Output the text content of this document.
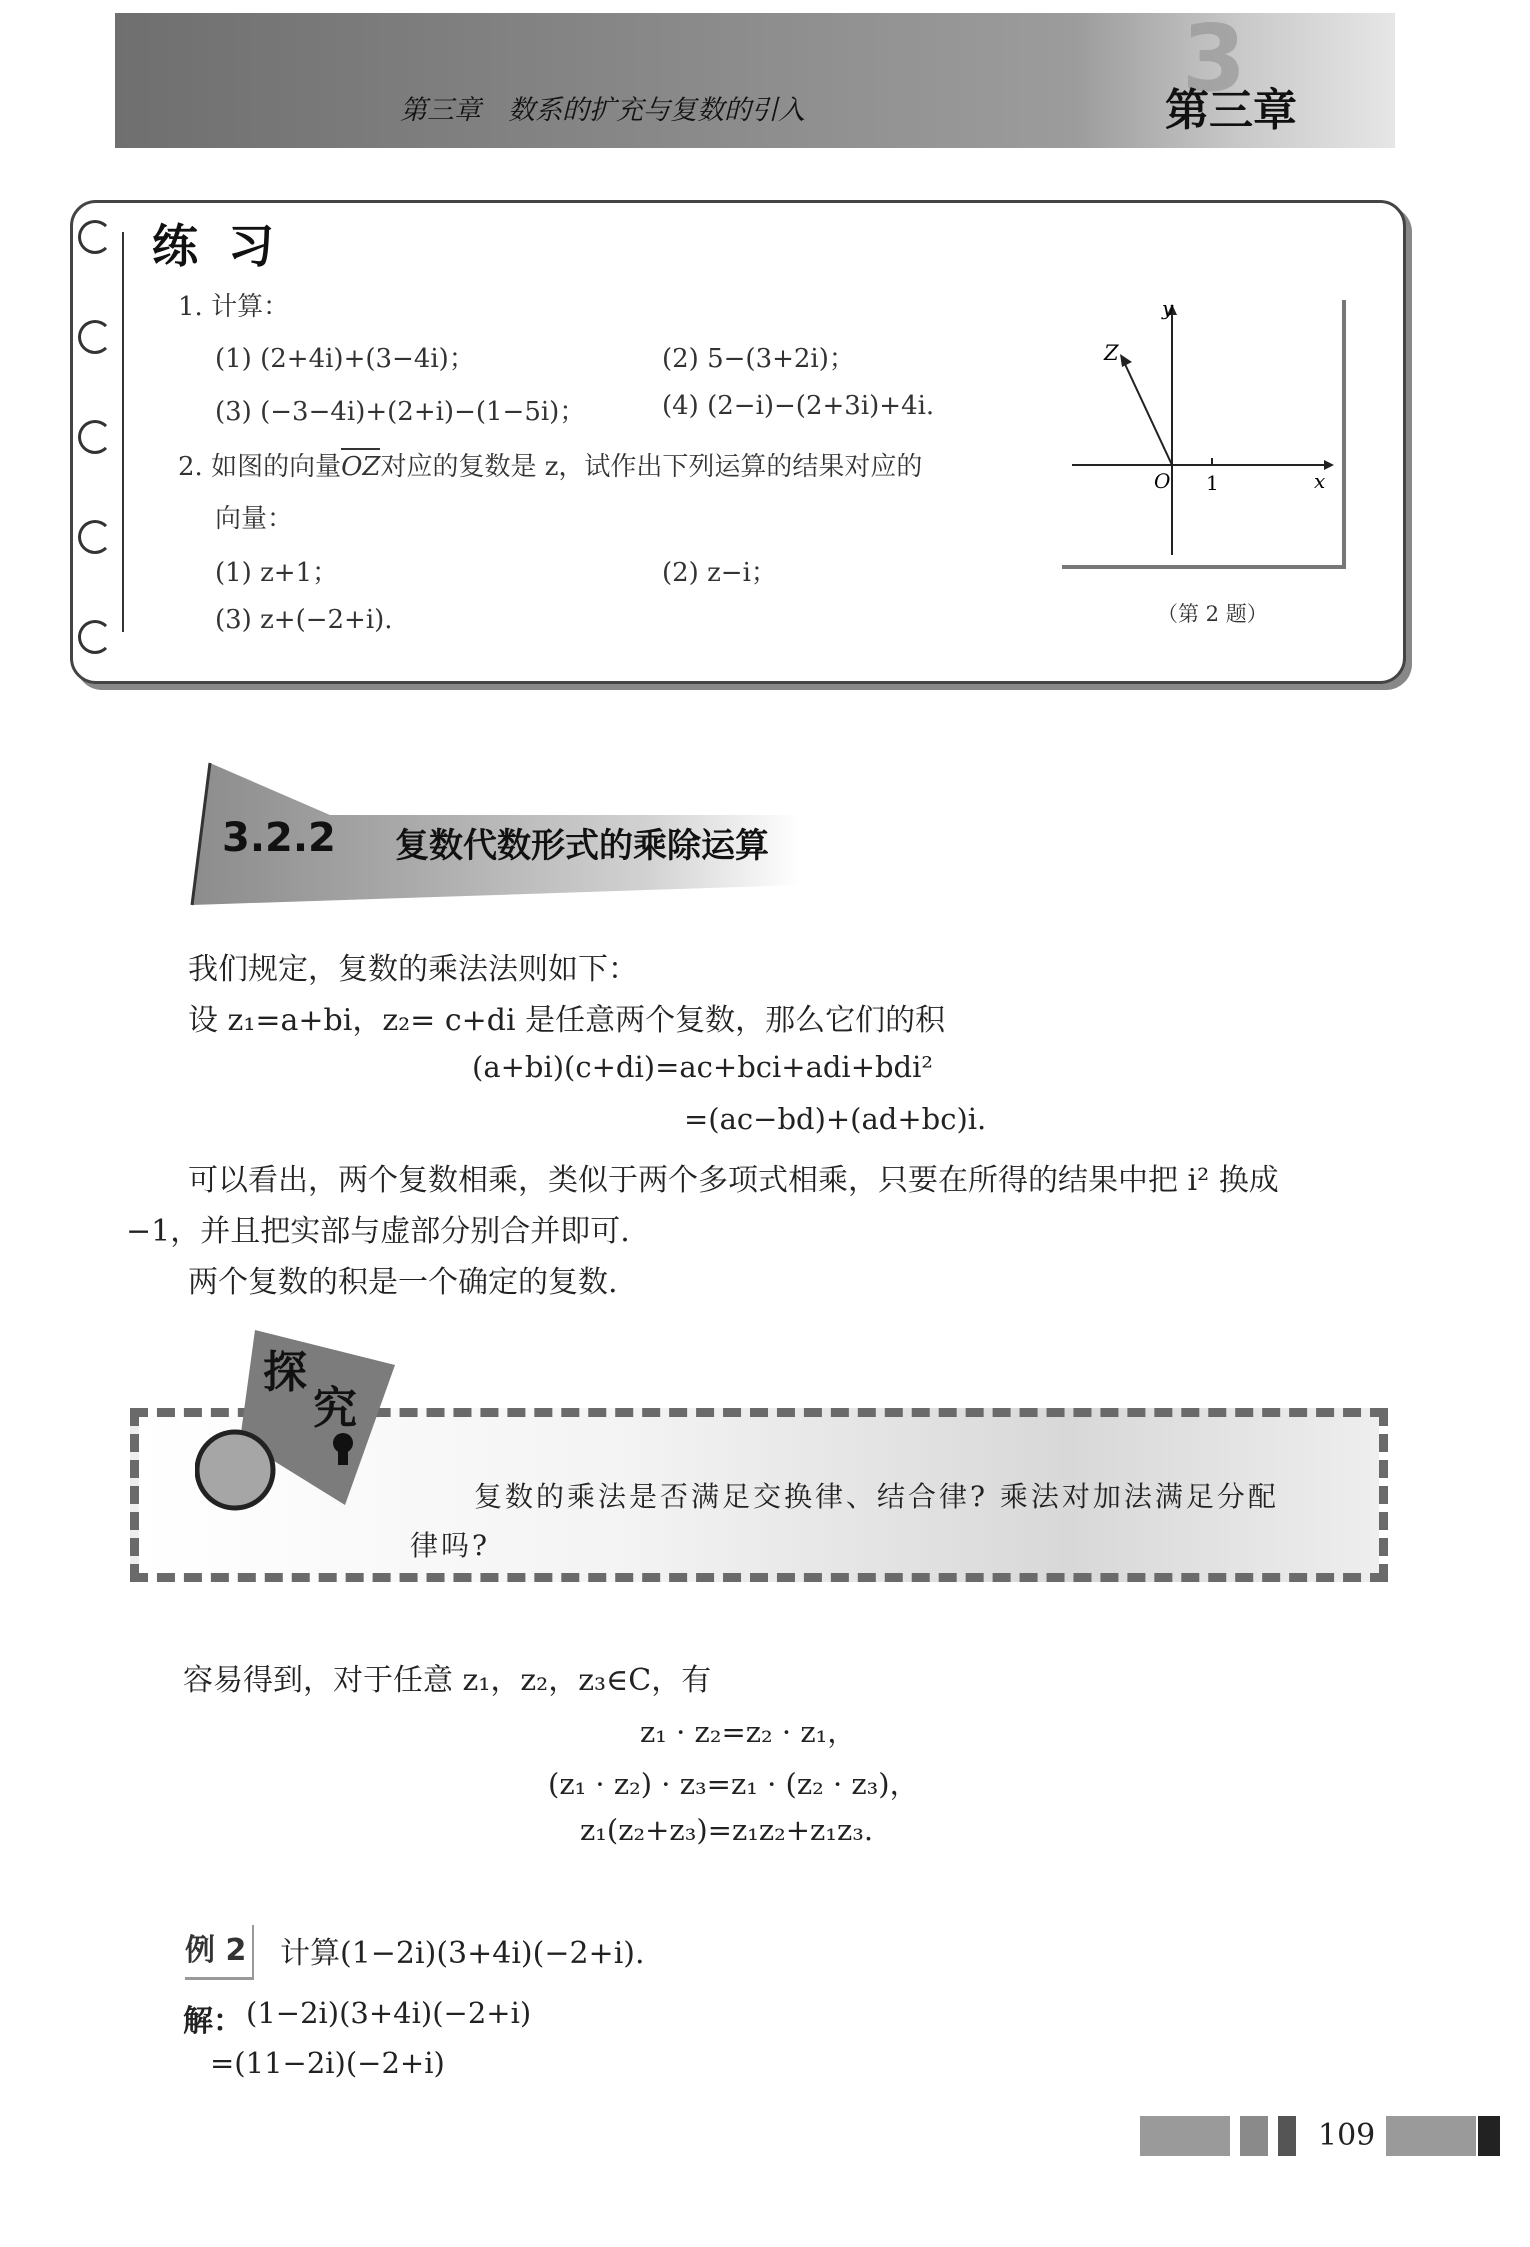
第三章　数系的扩充与复数的引入	3
第三章
练习
1. 计算：
(1) (2+4i)+(3−4i)；	(2) 5−(3+2i)；
(3) (−3−4i)+(2+i)−(1−5i)；	(4) (2−i)−(2+3i)+4i.
2. 如图的向量
OZ对应的复数是 z，试作出下列运算的结果对应的
向量：
(1) z+1；	(2) z−i；
(3) z+(−2+i).
y
x
Z
O 1
（第 2 题）
3.2.2 复数代数形式的乘除运算
我们规定，复数的乘法法则如下：
设 z₁=a+bi，z₂= c+di 是任意两个复数，那么它们的积
(a+bi)(c+di)=ac+bci+adi+bdi²
=(ac−bd)+(ad+bc)i.
可以看出，两个复数相乘，类似于两个多项式相乘，只要在所得的结果中把 i² 换成
−1，并且把实部与虚部分别合并即可.
两个复数的积是一个确定的复数.
探
究
复数的乘法是否满足交换律、结合律? 乘法对加法满足分配
律吗?
容易得到，对于任意 z₁，z₂，z₃∈C，有
z₁ · z₂=z₂ · z₁，
(z₁ · z₂) · z₃=z₁ · (z₂ · z₃)，
z₁(z₂+z₃)=z₁z₂+z₁z₃.
例 2 计算(1−2i)(3+4i)(−2+i).
解： (1−2i)(3+4i)(−2+i)
=(11−2i)(−2+i)
109
